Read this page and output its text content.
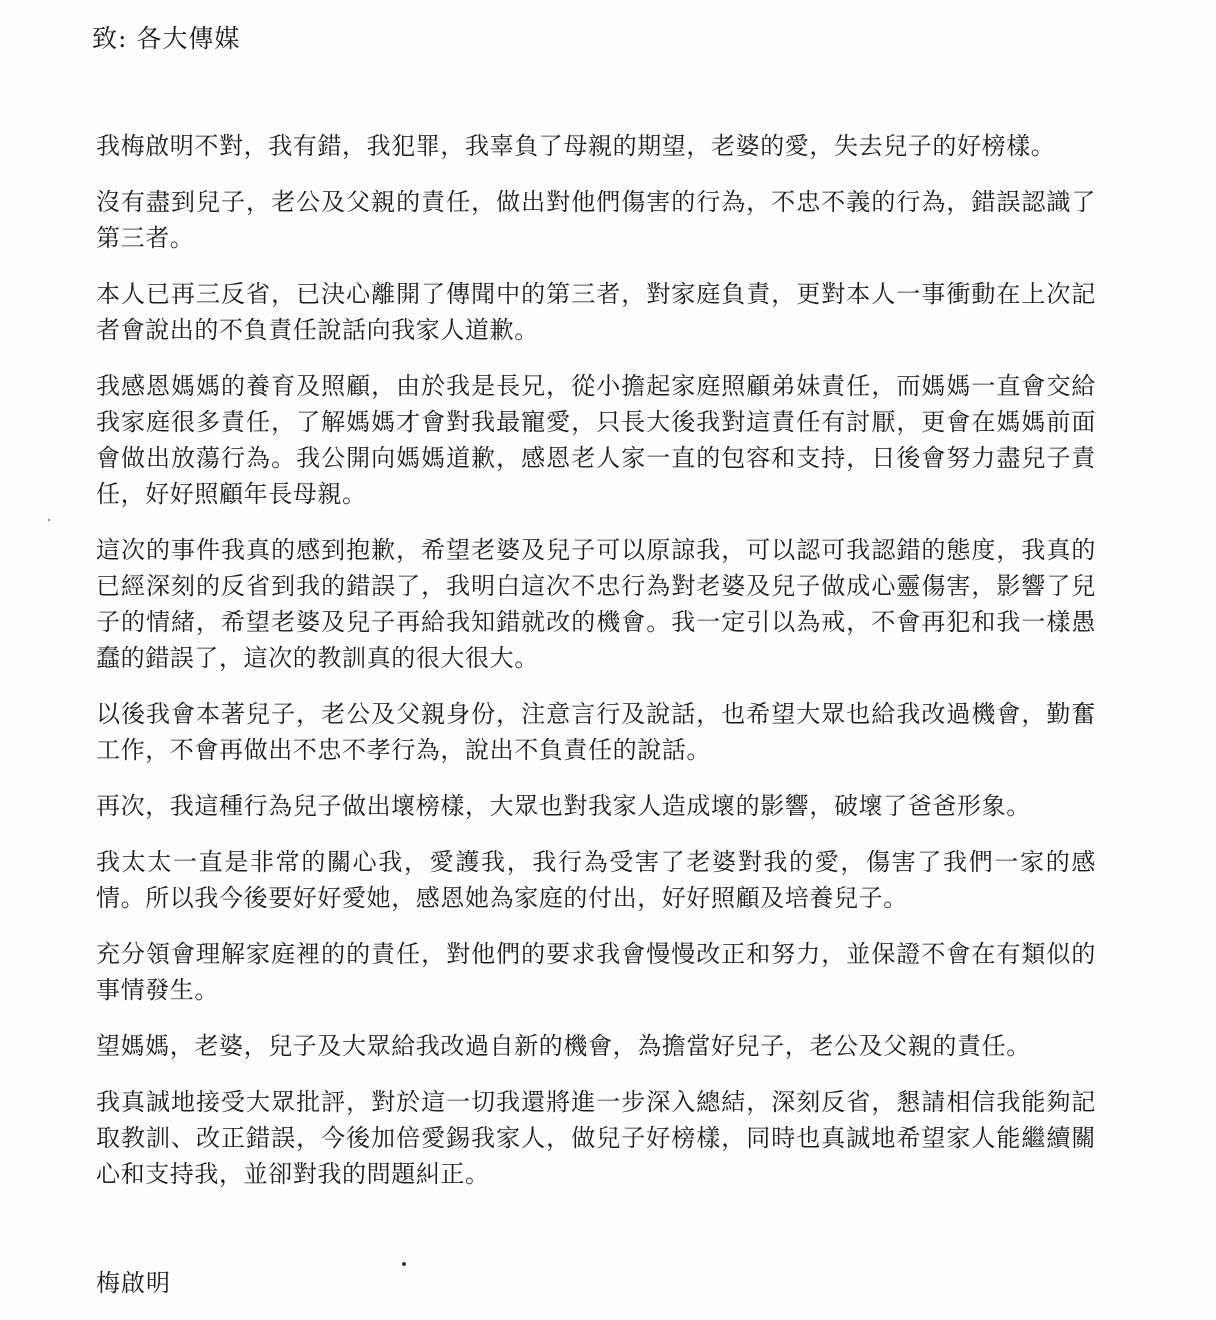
致: 各大傳媒

我梅啟明不對，我有錯，我犯罪，我辜負了母親的期望，老婆的愛，失去兒子的好榜樣。

沒有盡到兒子，老公及父親的責任，做出對他們傷害的行為，不忠不義的行為，錯誤認識了第三者。

本人已再三反省，已決心離開了傳聞中的第三者，對家庭負責，更對本人一事衝動在上次記者會說出的不負責任說話向我家人道歉。

我感恩媽媽的養育及照顧，由於我是長兄，從小擔起家庭照顧弟妹責任，而媽媽一直會交給我家庭很多責任，了解媽媽才會對我最寵愛，只長大後我對這責任有討厭，更會在媽媽前面會做出放蕩行為。我公開向媽媽道歉，感恩老人家一直的包容和支持，日後會努力盡兒子責任，好好照顧年長母親。

這次的事件我真的感到抱歉，希望老婆及兒子可以原諒我，可以認可我認錯的態度，我真的已經深刻的反省到我的錯誤了，我明白這次不忠行為對老婆及兒子做成心靈傷害，影響了兒子的情緒，希望老婆及兒子再給我知錯就改的機會。我一定引以為戒，不會再犯和我一樣愚蠢的錯誤了，這次的教訓真的很大很大。

以後我會本著兒子，老公及父親身份，注意言行及說話，也希望大眾也給我改過機會，勤奮工作，不會再做出不忠不孝行為，說出不負責任的說話。

再次，我這種行為兒子做出壞榜樣，大眾也對我家人造成壞的影響，破壞了爸爸形象。

我太太一直是非常的關心我，愛護我，我行為受害了老婆對我的愛，傷害了我們一家的感情。所以我今後要好好愛她，感恩她為家庭的付出，好好照顧及培養兒子。

充分領會理解家庭裡的的責任，對他們的要求我會慢慢改正和努力，並保證不會在有類似的事情發生。

望媽媽，老婆，兒子及大眾給我改過自新的機會，為擔當好兒子，老公及父親的責任。

我真誠地接受大眾批評，對於這一切我還將進一步深入總結，深刻反省，懇請相信我能夠記取教訓、改正錯誤，今後加倍愛錫我家人，做兒子好榜樣，同時也真誠地希望家人能繼續關心和支持我，並卻對我的問題糾正。

梅啟明
